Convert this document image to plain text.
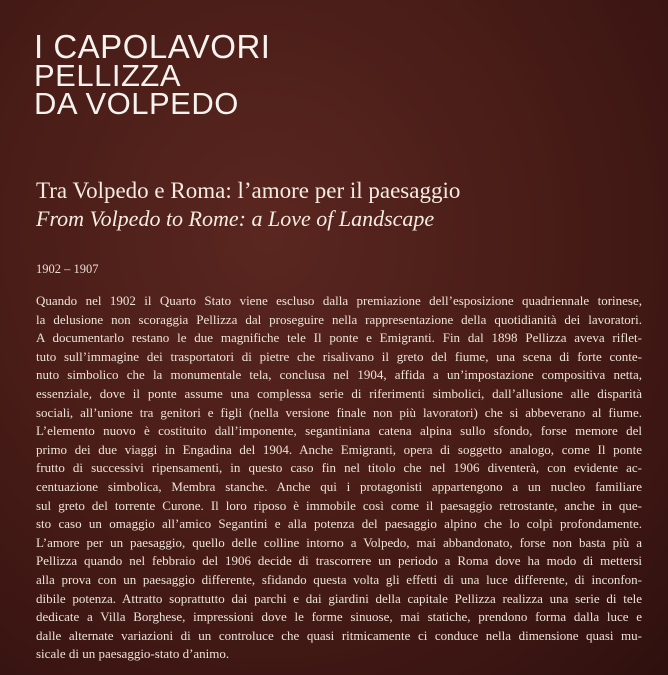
I CAPOLAVORI
PELLIZZA
DA VOLPEDO
Tra Volpedo e Roma: l’amore per il paesaggio
From Volpedo to Rome: a Love of Landscape
1902 – 1907
Quando nel 1902 il Quarto Stato viene escluso dalla premiazione dell’esposizione quadriennale torinese,
la delusione non scoraggia Pellizza dal proseguire nella rappresentazione della quotidianità dei lavoratori.
A documentarlo restano le due magnifiche tele Il ponte e Emigranti. Fin dal 1898 Pellizza aveva riflet-
tuto sull’immagine dei trasportatori di pietre che risalivano il greto del fiume, una scena di forte conte-
nuto simbolico che la monumentale tela, conclusa nel 1904, affida a un’impostazione compositiva netta,
essenziale, dove il ponte assume una complessa serie di riferimenti simbolici, dall’allusione alle disparità
sociali, all’unione tra genitori e figli (nella versione finale non più lavoratori) che si abbeverano al fiume.
L’elemento nuovo è costituito dall’imponente, segantiniana catena alpina sullo sfondo, forse memore del
primo dei due viaggi in Engadina del 1904. Anche Emigranti, opera di soggetto analogo, come Il ponte
frutto di successivi ripensamenti, in questo caso fin nel titolo che nel 1906 diventerà, con evidente ac-
centuazione simbolica, Membra stanche. Anche qui i protagonisti appartengono a un nucleo familiare
sul greto del torrente Curone. Il loro riposo è immobile così come il paesaggio retrostante, anche in que-
sto caso un omaggio all’amico Segantini e alla potenza del paesaggio alpino che lo colpì profondamente.
L’amore per un paesaggio, quello delle colline intorno a Volpedo, mai abbandonato, forse non basta più a
Pellizza quando nel febbraio del 1906 decide di trascorrere un periodo a Roma dove ha modo di mettersi
alla prova con un paesaggio differente, sfidando questa volta gli effetti di una luce differente, di inconfon-
dibile potenza. Attratto soprattutto dai parchi e dai giardini della capitale Pellizza realizza una serie di tele
dedicate a Villa Borghese, impressioni dove le forme sinuose, mai statiche, prendono forma dalla luce e
dalle alternate variazioni di un controluce che quasi ritmicamente ci conduce nella dimensione quasi mu-
sicale di un paesaggio-stato d’animo.
